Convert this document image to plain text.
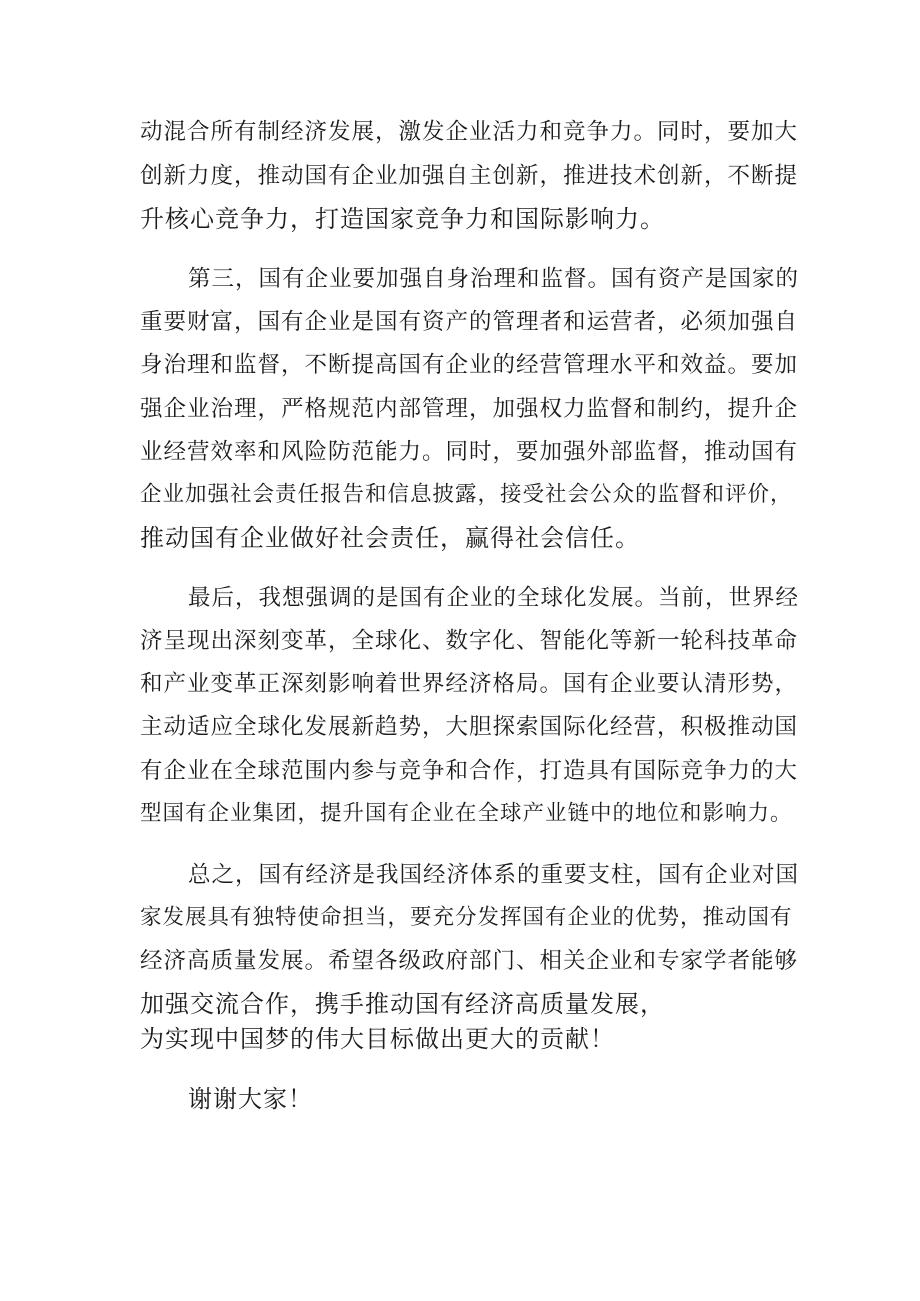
动混合所有制经济发展，激发企业活力和竞争力。同时，要加大
创新力度，推动国有企业加强自主创新，推进技术创新，不断提
升核心竞争力，打造国家竞争力和国际影响力。
第三，国有企业要加强自身治理和监督。国有资产是国家的
重要财富，国有企业是国有资产的管理者和运营者，必须加强自
身治理和监督，不断提高国有企业的经营管理水平和效益。要加
强企业治理，严格规范内部管理，加强权力监督和制约，提升企
业经营效率和风险防范能力。同时，要加强外部监督，推动国有
企业加强社会责任报告和信息披露，接受社会公众的监督和评价，
推动国有企业做好社会责任，赢得社会信任。
最后，我想强调的是国有企业的全球化发展。当前，世界经
济呈现出深刻变革，全球化、数字化、智能化等新一轮科技革命
和产业变革正深刻影响着世界经济格局。国有企业要认清形势，
主动适应全球化发展新趋势，大胆探索国际化经营，积极推动国
有企业在全球范围内参与竞争和合作，打造具有国际竞争力的大
型国有企业集团，提升国有企业在全球产业链中的地位和影响力。
总之，国有经济是我国经济体系的重要支柱，国有企业对国
家发展具有独特使命担当，要充分发挥国有企业的优势，推动国有
经济高质量发展。希望各级政府部门、相关企业和专家学者能够
加强交流合作，携手推动国有经济高质量发展，
为实现中国梦的伟大目标做出更大的贡献！
谢谢大家！
